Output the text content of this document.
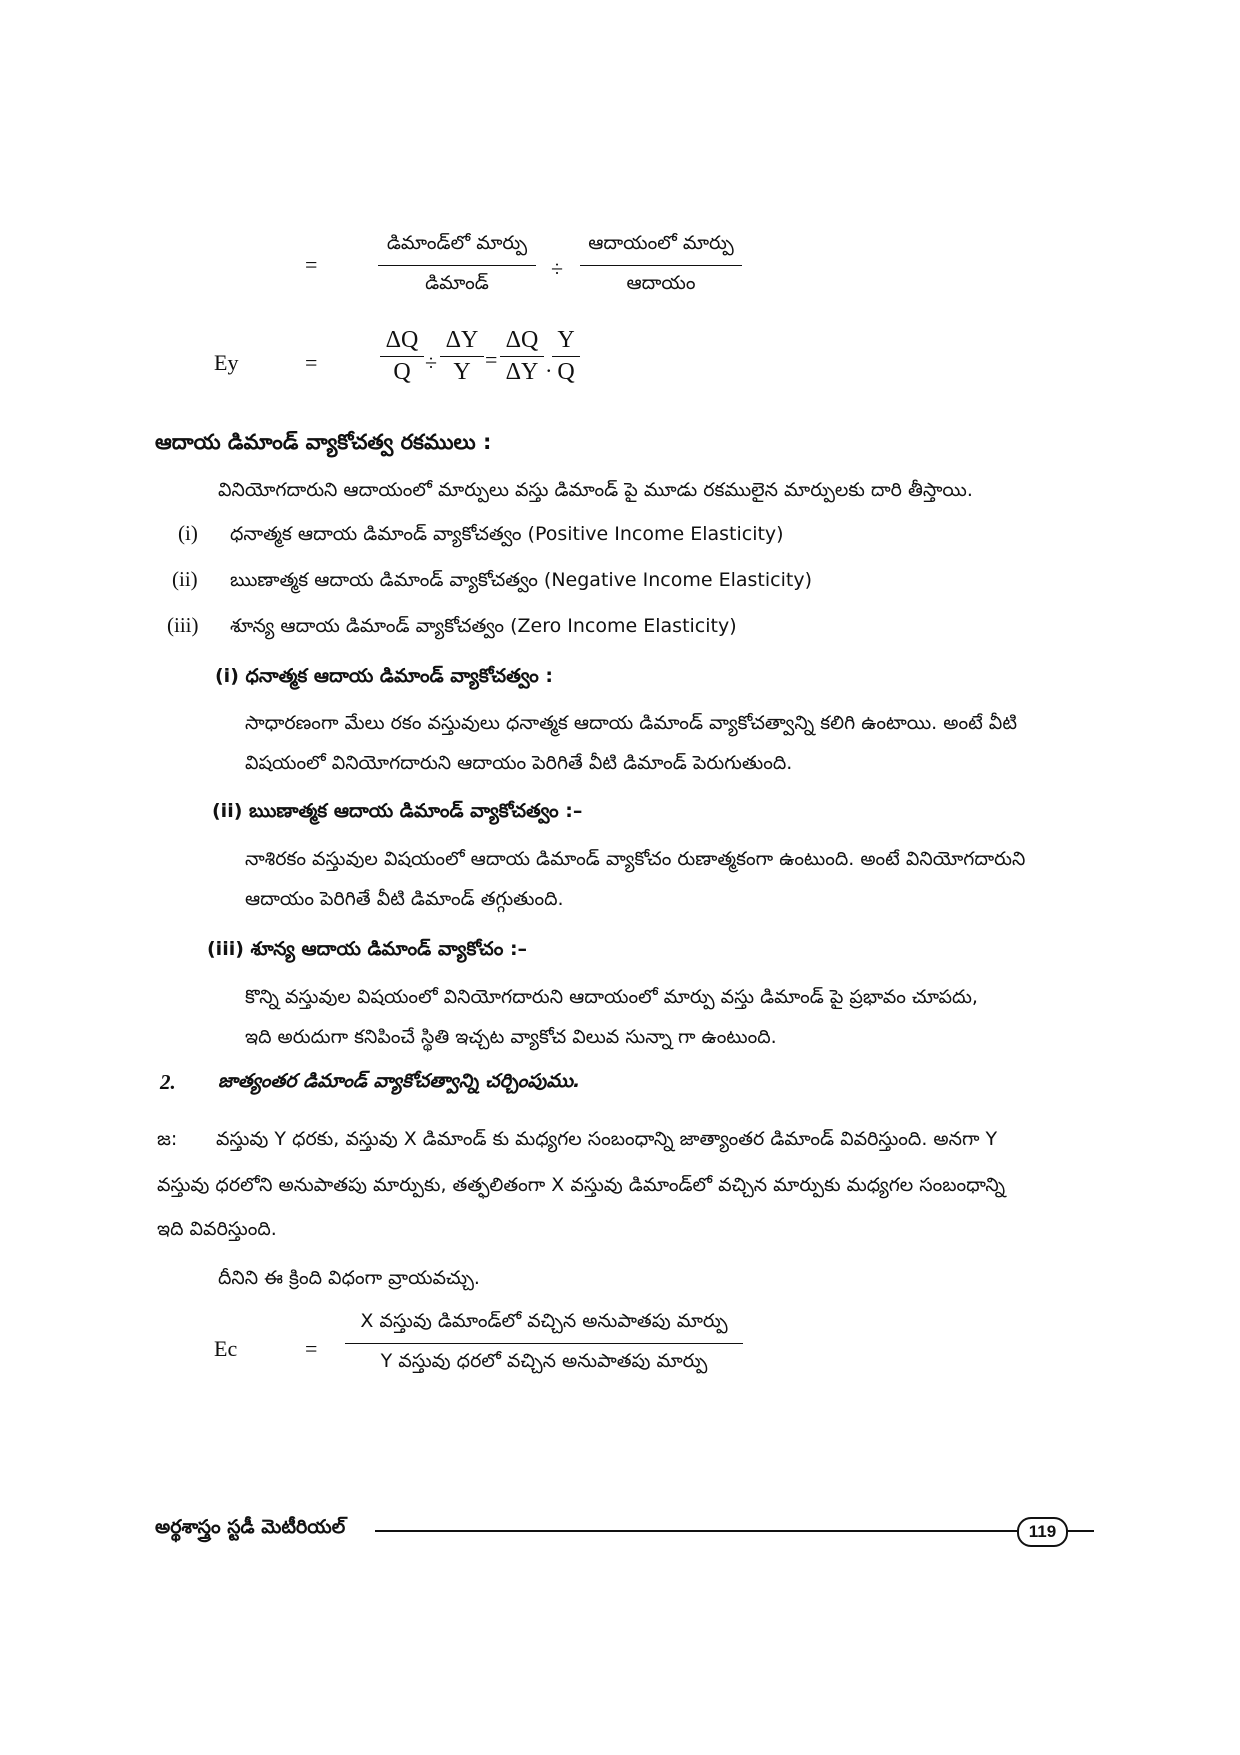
=
డిమాండ్‌లో మార్పు
డిమాండ్
÷
ఆదాయంలో మార్పు
ఆదాయం
Ey	=
ΔQ
Q ÷
ΔY
Y =
ΔQ
ΔY .
Y
Q
ఆదాయ డిమాండ్ వ్యాకోచత్వ రకములు :
వినియోగదారుని ఆదాయంలో మార్పులు వస్తు డిమాండ్ పై మూడు రకములైన మార్పులకు దారి తీస్తాయి.
(i) ధనాత్మక ఆదాయ డిమాండ్ వ్యాకోచత్వం (Positive Income Elasticity)
(ii) ఋణాత్మక ఆదాయ డిమాండ్ వ్యాకోచత్వం (Negative Income Elasticity)
(iii) శూన్య ఆదాయ డిమాండ్ వ్యాకోచత్వం (Zero Income Elasticity)
(i) ధనాత్మక ఆదాయ డిమాండ్ వ్యాకోచత్వం :
సాధారణంగా మేలు రకం వస్తువులు ధనాత్మక ఆదాయ డిమాండ్ వ్యాకోచత్వాన్ని కలిగి ఉంటాయి. అంటే వీటి
విషయంలో వినియోగదారుని ఆదాయం పెరిగితే వీటి డిమాండ్ పెరుగుతుంది.
(ii) ఋణాత్మక ఆదాయ డిమాండ్ వ్యాకోచత్వం :–
నాశిరకం వస్తువుల విషయంలో ఆదాయ డిమాండ్ వ్యాకోచం రుణాత్మకంగా ఉంటుంది. అంటే వినియోగదారుని
ఆదాయం పెరిగితే వీటి డిమాండ్ తగ్గుతుంది.
(iii) శూన్య ఆదాయ డిమాండ్ వ్యాకోచం :–
కొన్ని వస్తువుల విషయంలో వినియోగదారుని ఆదాయంలో మార్పు వస్తు డిమాండ్ పై ప్రభావం చూపదు,
ఇది అరుదుగా కనిపించే స్థితి ఇచ్చట వ్యాకోచ విలువ సున్నా గా ఉంటుంది.
2. జాత్యంతర డిమాండ్ వ్యాకోచత్వాన్ని చర్చింపుము.
జ: వస్తువు Y ధరకు, వస్తువు X డిమాండ్ కు మధ్యగల సంబంధాన్ని జాత్యాంతర డిమాండ్ వివరిస్తుంది. అనగా Y
వస్తువు ధరలోని అనుపాతపు మార్పుకు, తత్ఫలితంగా X వస్తువు డిమాండ్‌లో వచ్చిన మార్పుకు మధ్యగల సంబంధాన్ని
ఇది వివరిస్తుంది.
దీనిని ఈ క్రింది విధంగా వ్రాయవచ్చు.
Ec	=
X వస్తువు డిమాండ్‌లో వచ్చిన అనుపాతపు మార్పు
Y వస్తువు ధరలో వచ్చిన అనుపాతపు మార్పు
అర్థశాస్త్రం స్టడీ మెటీరియల్	119
